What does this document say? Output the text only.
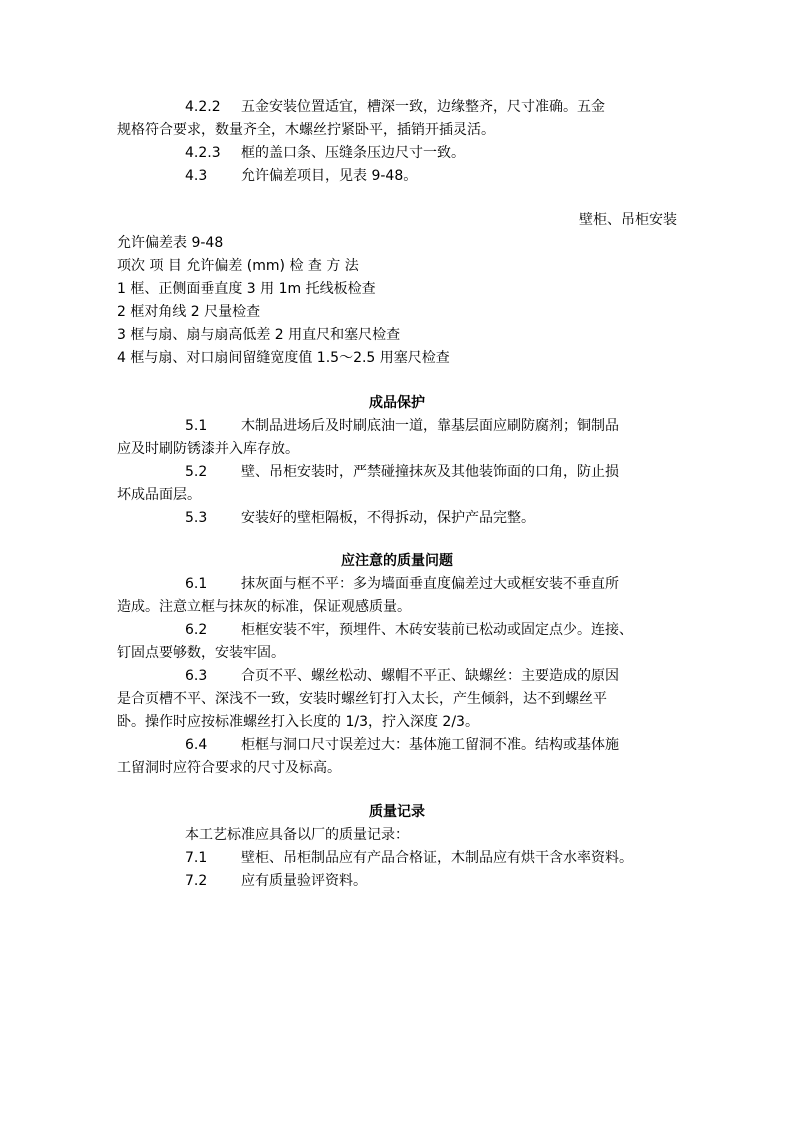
4.2.2 五金安装位置适宜，槽深一致，边缘整齐，尺寸准确。五金

规格符合要求，数量齐全，木螺丝拧紧卧平，插销开插灵活。

4.2.3 框的盖口条、压缝条压边尺寸一致。

4.3 允许偏差项目，见表 9-48。

壁柜、吊柜安装

允许偏差表 9-48

项次 项 目 允许偏差 (mm) 检 查 方 法

1 框、正侧面垂直度 3 用 1m 托线板检查

2 框对角线 2 尺量检查

3 框与扇、扇与扇高低差 2 用直尺和塞尺检查

4 框与扇、对口扇间留缝宽度值 1.5～2.5 用塞尺检查

成品保护

5.1 木制品进场后及时刷底油一道，靠基层面应刷防腐剂；铜制品

应及时刷防锈漆并入库存放。

5.2 壁、吊柜安装时，严禁碰撞抹灰及其他装饰面的口角，防止损

坏成品面层。

5.3 安装好的壁柜隔板，不得拆动，保护产品完整。

应注意的质量问题

6.1 抹灰面与框不平：多为墙面垂直度偏差过大或框安装不垂直所

造成。注意立框与抹灰的标准，保证观感质量。

6.2 柜框安装不牢，预埋件、木砖安装前已松动或固定点少。连接、

钉固点要够数，安装牢固。

6.3 合页不平、螺丝松动、螺帽不平正、缺螺丝：主要造成的原因

是合页槽不平、深浅不一致，安装时螺丝钉打入太长，产生倾斜，达不到螺丝平

卧。操作时应按标准螺丝打入长度的 1/3，拧入深度 2/3。

6.4 柜框与洞口尺寸误差过大：基体施工留洞不准。结构或基体施

工留洞时应符合要求的尺寸及标高。

质量记录

本工艺标准应具备以厂的质量记录：

7.1 壁柜、吊柜制品应有产品合格证，木制品应有烘干含水率资料。

7.2 应有质量验评资料。
